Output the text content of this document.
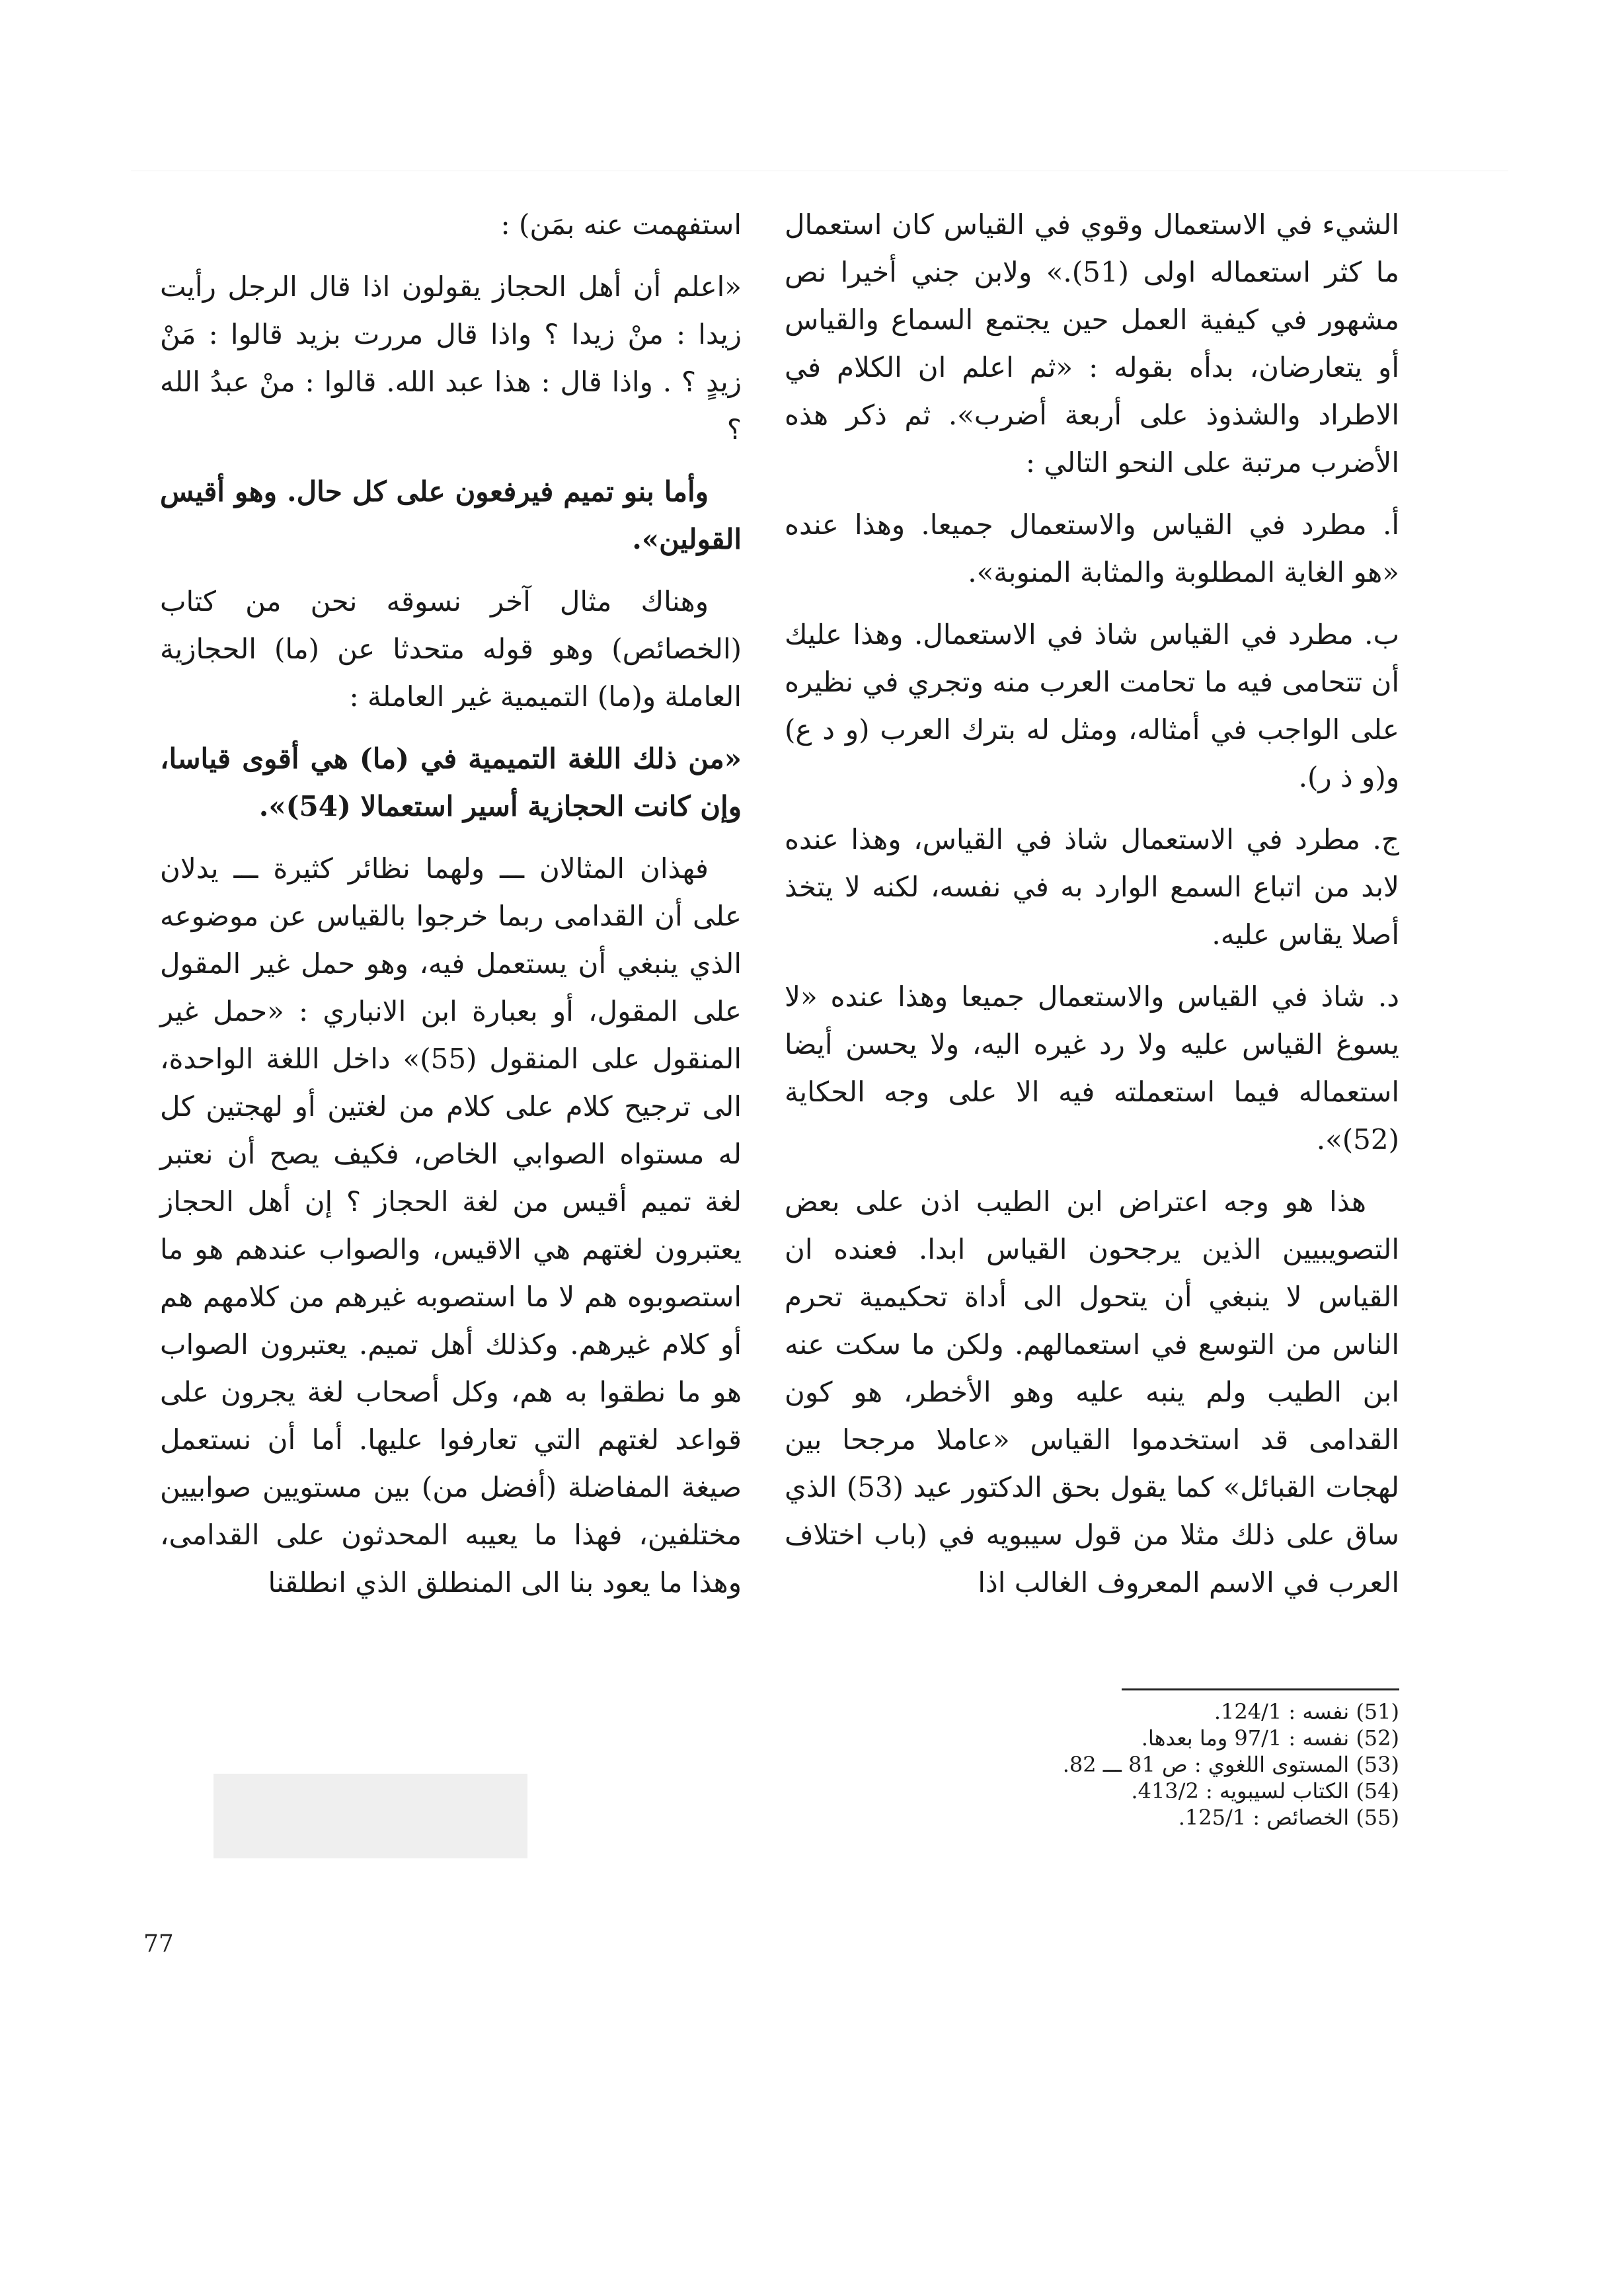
الشيء في الاستعمال وقوي في القياس كان استعمال ما كثر استعماله اولى (51).» ولابن جني أخيرا نص مشهور في كيفية العمل حين يجتمع السماع والقياس أو يتعارضان، بدأه بقوله : «ثم اعلم ان الكلام في الاطراد والشذوذ على أربعة أضرب». ثم ذكر هذه الأضرب مرتبة على النحو التالي :

أ. مطرد في القياس والاستعمال جميعا. وهذا عنده «هو الغاية المطلوبة والمثابة المنوبة».

ب. مطرد في القياس شاذ في الاستعمال. وهذا عليك أن تتحامى فيه ما تحامت العرب منه وتجري في نظيره على الواجب في أمثاله، ومثل له بترك العرب (و د ع) و(و ذ ر).

ج. مطرد في الاستعمال شاذ في القياس، وهذا عنده لابد من اتباع السمع الوارد به في نفسه، لكنه لا يتخذ أصلا يقاس عليه.

د. شاذ في القياس والاستعمال جميعا وهذا عنده «لا يسوغ القياس عليه ولا رد غيره اليه، ولا يحسن أيضا استعماله فيما استعملته فيه الا على وجه الحكاية (52)».

هذا هو وجه اعتراض ابن الطيب اذن على بعض التصويبيين الذين يرجحون القياس ابدا. فعنده ان القياس لا ينبغي أن يتحول الى أداة تحكيمية تحرم الناس من التوسع في استعمالهم. ولكن ما سكت عنه ابن الطيب ولم ينبه عليه وهو الأخطر، هو كون القدامى قد استخدموا القياس «عاملا مرجحا بين لهجات القبائل» كما يقول بحق الدكتور عيد (53) الذي ساق على ذلك مثلا من قول سيبويه في (باب اختلاف العرب في الاسم المعروف الغالب اذا

استفهمت عنه بمَن) :

«اعلم أن أهل الحجاز يقولون اذا قال الرجل رأيت زيدا : منْ زيدا ؟ واذا قال مررت بزيد قالوا : مَنْ زيدٍ ؟ . واذا قال : هذا عبد الله. قالوا : منْ عبدُ الله ؟

وأما بنو تميم فيرفعون على كل حال. وهو أقيس القولين».

وهناك مثال آخر نسوقه نحن من كتاب (الخصائص) وهو قوله متحدثا عن (ما) الحجازية العاملة و(ما) التميمية غير العاملة :

«من ذلك اللغة التميمية في (ما) هي أقوى قياسا، وإن كانت الحجازية أسير استعمالا (54)».

فهذان المثالان ـــ ولهما نظائر كثيرة ـــ يدلان على أن القدامى ربما خرجوا بالقياس عن موضوعه الذي ينبغي أن يستعمل فيه، وهو حمل غير المقول على المقول، أو بعبارة ابن الانباري : «حمل غير المنقول على المنقول (55)» داخل اللغة الواحدة، الى ترجيح كلام على كلام من لغتين أو لهجتين كل له مستواه الصوابي الخاص، فكيف يصح أن نعتبر لغة تميم أقيس من لغة الحجاز ؟ إن أهل الحجاز يعتبرون لغتهم هي الاقيس، والصواب عندهم هو ما استصوبوه هم لا ما استصوبه غيرهم من كلامهم هم أو كلام غيرهم. وكذلك أهل تميم. يعتبرون الصواب هو ما نطقوا به هم، وكل أصحاب لغة يجرون على قواعد لغتهم التي تعارفوا عليها. أما أن نستعمل صيغة المفاضلة (أفضل من) بين مستويين صوابيين مختلفين، فهذا ما يعيبه المحدثون على القدامى، وهذا ما يعود بنا الى المنطلق الذي انطلقنا

(51) نفسه : 124/1.
(52) نفسه : 97/1 وما بعدها.
(53) المستوى اللغوي : ص 81 ـــ 82.
(54) الكتاب لسيبويه : 413/2.
(55) الخصائص : 125/1.
77
